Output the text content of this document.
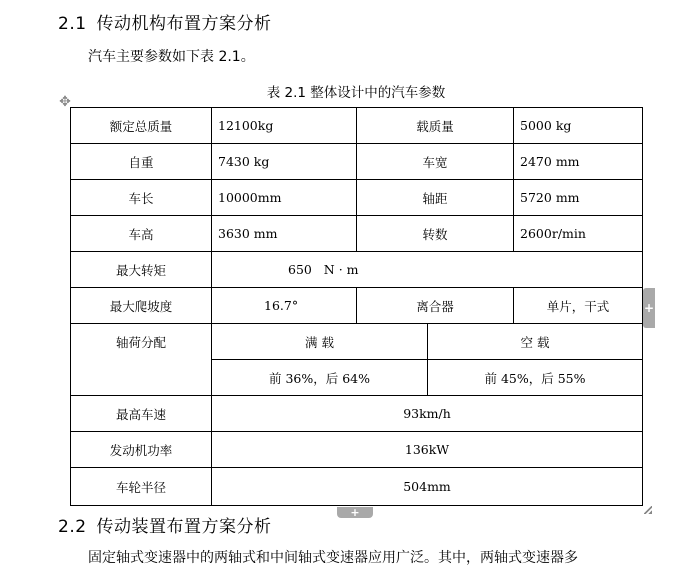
2.1 传动机构布置方案分析
汽车主要参数如下表 2.1。
表 2.1 整体设计中的汽车参数
✥
额定总质量	12100kg	载质量		5000 kg
自重	7430 kg	车宽		2470 mm
车长	10000mm	轴距		5720 mm
车高	3630 mm	转数		2600r/min
最大转矩	650   N · m			
最大爬坡度	16.7°	离合器		单片，干式
轴荷分配	满 载		空 载	
	前 36%，后 64%		前 45%，后 55%	
最高车速	93km/h			
发动机功率	136kW			
车轮半径	504mm			
+
+
2.2 传动装置布置方案分析
固定轴式变速器中的两轴式和中间轴式变速器应用广泛。其中，两轴式变速器多
